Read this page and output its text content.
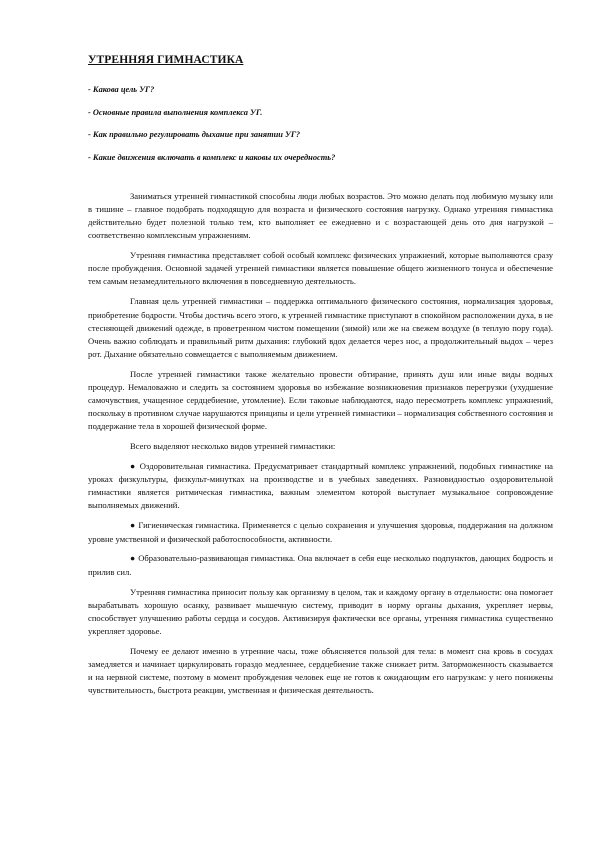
УТРЕННЯЯ ГИМНАСТИКА
- Какова цель УГ?
- Основные правила выполнения комплекса УГ.
- Как правильно регулировать дыхание при занятии УГ?
- Какие движения включать в комплекс и каковы их очередность?

Заниматься утренней гимнастикой способны люди любых возрастов. Это можно делать под любимую музыку или в тишине – главное подобрать подходящую для возраста и физического состояния нагрузку. Однако утренняя гимнастика действительно будет полезной только тем, кто выполняет ее ежедневно и с возрастающей день ото дня нагрузкой – соответственно комплексным упражнениям.

Утренняя гимнастика представляет собой особый комплекс физических упражнений, которые выполняются сразу после пробуждения. Основной задачей утренней гимнастики является повышение общего жизненного тонуса и обеспечение тем самым незамедлительного включения в повседневную деятельность.

Главная цель утренней гимнастики – поддержка оптимального физического состояния, нормализация здоровья, приобретение бодрости. Чтобы достичь всего этого, к утренней гимнастике приступают в спокойном расположении духа, в не стесняющей движений одежде, в проветренном чистом помещении (зимой) или же на свежем воздухе (в теплую пору года). Очень важно соблюдать и правильный ритм дыхания: глубокий вдох делается через нос, а продолжительный выдох – через рот. Дыхание обязательно совмещается с выполняемым движением.

После утренней гимнастики также желательно провести обтирание, принять душ или иные виды водных процедур. Немаловажно и следить за состоянием здоровья во избежание возникновения признаков перегрузки (ухудшение самочувствия, учащенное сердцебиение, утомление). Если таковые наблюдаются, надо пересмотреть комплекс упражнений, поскольку в противном случае нарушаются принципы и цели утренней гимнастики – нормализация собственного состояния и поддержание тела в хорошей физической форме.

Всего выделяют несколько видов утренней гимнастики:

● Оздоровительная гимнастика. Предусматривает стандартный комплекс упражнений, подобных гимнастике на уроках физкультуры, физкульт-минутках на производстве и в учебных заведениях. Разновидностью оздоровительной гимнастики является ритмическая гимнастика, важным элементом которой выступает музыкальное сопровождение выполняемых движений.

● Гигиеническая гимнастика. Применяется с целью сохранения и улучшения здоровья, поддержания на должном уровне умственной и физической работоспособности, активности.

● Образовательно-развивающая гимнастика. Она включает в себя еще несколько подпунктов, дающих бодрость и прилив сил.

Утренняя гимнастика приносит пользу как организму в целом, так и каждому органу в отдельности: она помогает вырабатывать хорошую осанку, развивает мышечную систему, приводит в норму органы дыхания, укрепляет нервы, способствует улучшению работы сердца и сосудов. Активизируя фактически все органы, утренняя гимнастика существенно укрепляет здоровье.

Почему ее делают именно в утренние часы, тоже объясняется пользой для тела: в момент сна кровь в сосудах замедляется и начинает циркулировать гораздо медленнее, сердцебиение также снижает ритм. Заторможенность сказывается и на нервной системе, поэтому в момент пробуждения человек еще не готов к ожидающим его нагрузкам: у него понижены чувствительность, быстрота реакции, умственная и физическая деятельность.
